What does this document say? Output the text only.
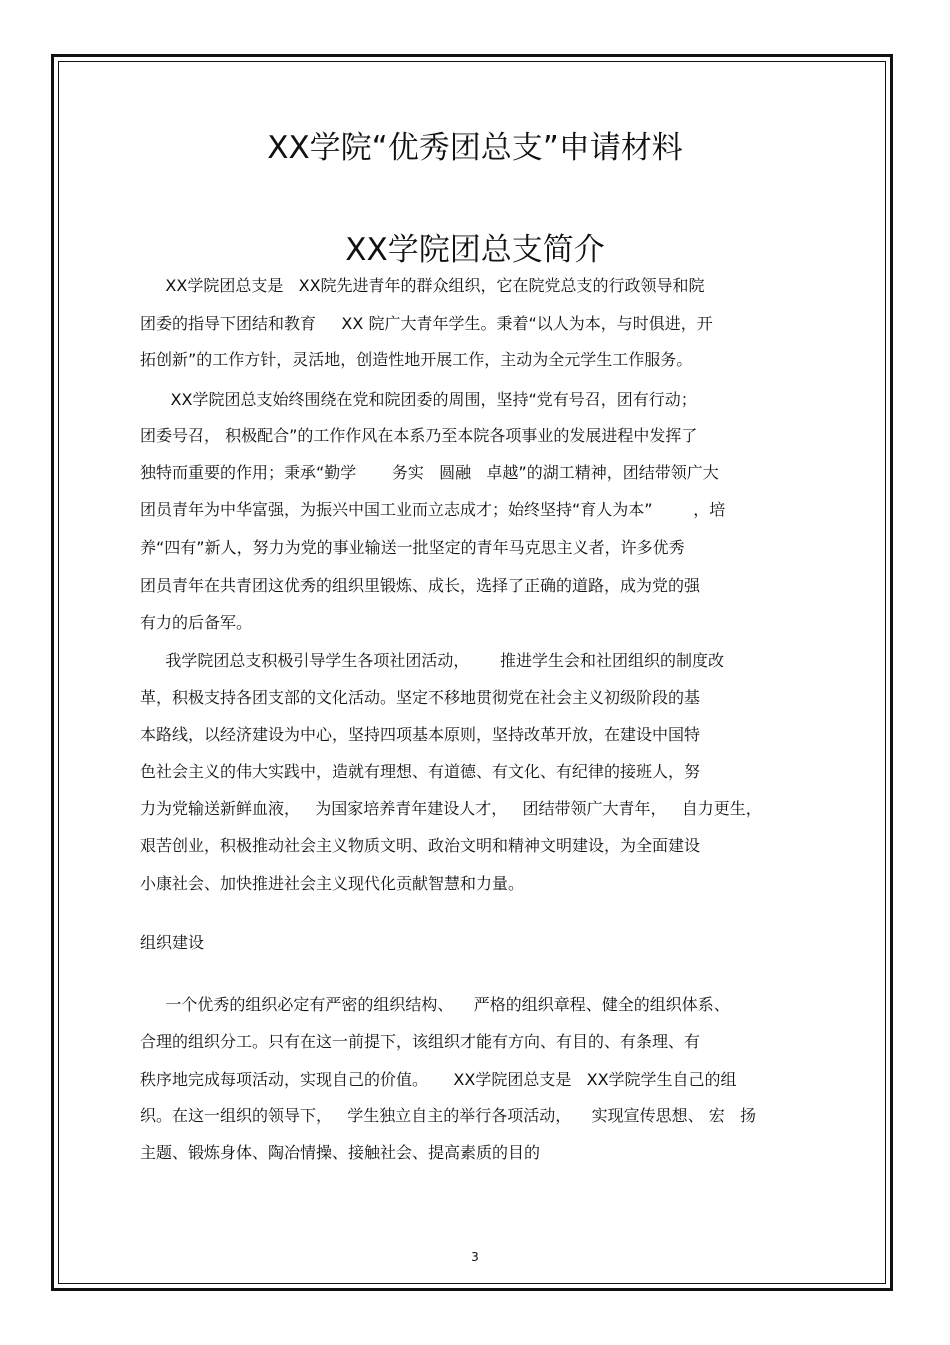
XX学院“优秀团总支”申请材料
XX学院团总支简介
XX学院团总支是   XX院先进青年的群众组织，它在院党总支的行政领导和院
团委的指导下团结和教育     XX 院广大青年学生。秉着“以人为本，与时俱进，开
拓创新”的工作方针，灵活地，创造性地开展工作，主动为全元学生工作服务。
XX学院团总支始终围绕在党和院团委的周围，坚持“党有号召，团有行动；
团委号召， 积极配合”的工作作风在本系乃至本院各项事业的发展进程中发挥了
独特而重要的作用；秉承“勤学       务实   圆融   卓越”的湖工精神，团结带领广大
团员青年为中华富强，为振兴中国工业而立志成才；始终坚持“育人为本”        ，培
养“四有”新人，努力为党的事业输送一批坚定的青年马克思主义者，许多优秀
团员青年在共青团这优秀的组织里锻炼、成长，选择了正确的道路，成为党的强
有力的后备军。
我学院团总支积极引导学生各项社团活动，      推进学生会和社团组织的制度改
革，积极支持各团支部的文化活动。坚定不移地贯彻党在社会主义初级阶段的基
本路线，以经济建设为中心，坚持四项基本原则，坚持改革开放，在建设中国特
色社会主义的伟大实践中，造就有理想、有道德、有文化、有纪律的接班人，努
力为党输送新鲜血液，   为国家培养青年建设人才，   团结带领广大青年，   自力更生，
艰苦创业，积极推动社会主义物质文明、政治文明和精神文明建设，为全面建设
小康社会、加快推进社会主义现代化贡献智慧和力量。
组织建设
一个优秀的组织必定有严密的组织结构、    严格的组织章程、健全的组织体系、
合理的组织分工。只有在这一前提下，该组织才能有方向、有目的、有条理、有
秩序地完成每项活动，实现自己的价值。     XX学院团总支是   XX学院学生自己的组
织。在这一组织的领导下，   学生独立自主的举行各项活动，    实现宣传思想、 宏   扬
主题、锻炼身体、陶冶情操、接触社会、提高素质的目的
3
